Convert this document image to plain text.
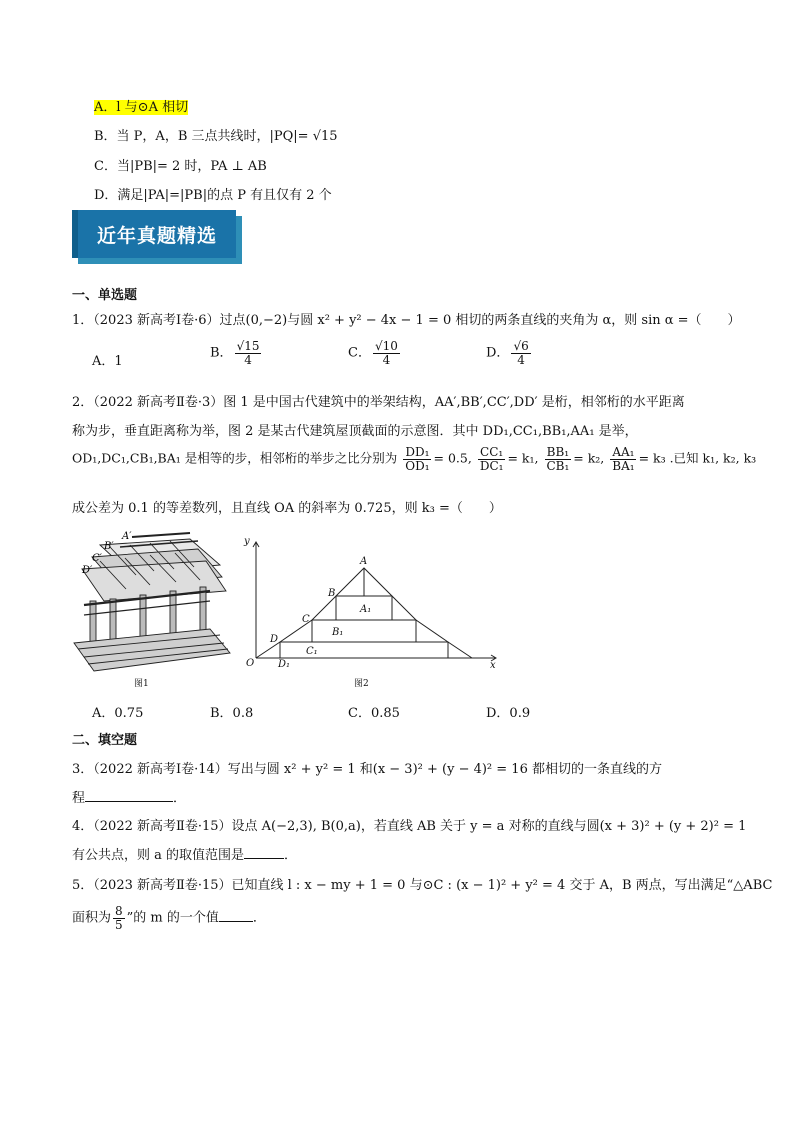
A．l 与⊙A 相切
B．当 P，A，B 三点共线时，|PQ|= √15
C．当|PB|= 2 时，PA ⊥ AB
D．满足|PA|=|PB|的点 P 有且仅有 2 个
近年真题精选
一、单选题
1．（2023 新高考Ⅰ卷·6）过点(0,−2)与圆 x² + y² − 4x − 1 = 0 相切的两条直线的夹角为 α，则 sin α =（　　）
A．1
B． $\frac{√15}{4}$	C． $\frac{√10}{4}$	D． $\frac{√6}{4}$
2．（2022 新高考Ⅱ卷·3）图 1 是中国古代建筑中的举架结构，AA′,BB′,CC′,DD′ 是桁，相邻桁的水平距离
称为步，垂直距离称为举，图 2 是某古代建筑屋顶截面的示意图．其中 DD₁,CC₁,BB₁,AA₁ 是举，
OD₁,DC₁,CB₁,BA₁ 是相等的步，相邻桁的举步之比分别为 $\frac{\text{DD₁}}{\text{OD₁}} = 0.5$, $\frac{\text{CC₁}}{\text{DC₁}} = k_1$, $\frac{\text{BB₁}}{\text{CB₁}} = k_2$, $\frac{\text{AA₁}}{\text{BA₁}} = k_3$ .已知 k₁, k₂, k₃
成公差为 0.1 的等差数列，且直线 OA 的斜率为 0.725，则 k₃ =（　　）
A′
B′
C′
D′
图1
y
x
O
A
B
C
D
A₁
B₁
C₁
D₁
图2
A．0.75	B．0.8	C．0.85	D．0.9
二、填空题
3．（2022 新高考Ⅰ卷·14）写出与圆 x² + y² = 1 和(x − 3)² + (y − 4)² = 16 都相切的一条直线的方
程	．
4．（2022 新高考Ⅱ卷·15）设点 A(−2,3), B(0,a)，若直线 AB 关于 y = a 对称的直线与圆(x + 3)² + (y + 2)² = 1
有公共点，则 a 的取值范围是	．
5．（2023 新高考Ⅱ卷·15）已知直线 l : x − my + 1 = 0 与⊙C : (x − 1)² + y² = 4 交于 A，B 两点，写出满足“△ABC
面积为 $\frac{8}{5}$ ”的 m 的一个值	．
